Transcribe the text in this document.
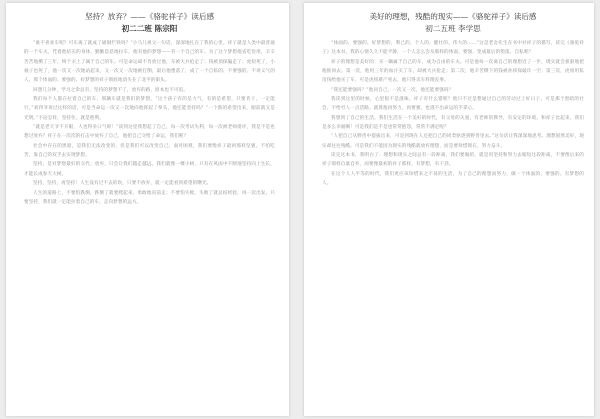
坚持？放弃？——《骆驼祥子》读后感
初二二班 陈宗阳

“谁不喜欢车呢？可车离了就成了破铜烂铁吗？”小马儿祖父一句话，深深地扎在了我的心里。祥子就是人类中最普通的一个车夫，凭着他结实的身体，勤勤恳恳地拉车，他有他的梦想——有一个自己的车。为了这个梦想他省吃俭用，辛辛苦苦地攒了三年，终于买上了属于自己的车。可是命运却不肯放过他，车被大兵抢走了；钱被侦探骗走了；虎妞死了，小福子也死了，他一次又一次地站起来，又一次又一次地被打倒，最后他堕落了，成了一个自私的、不要强的、不讲义气的人，那个体面的、要强的、好梦想的祥子彻底地消失在了北平的街头。

回想几分钟，学习之余总有，坚持的梦想不了，放弃的路，原本也不可追。

我们每个人都在拉着自己的车，那辆车就是我们的梦想。“这个孩子有的是力气，有的是希望，只要肯干，一定能行。”刘四爷说过这样的话，可是当命运一次又一次地向他挥起了拳头，他还能坚持吗？“一个新的希望出来，眼前就又是光明。”不论怎样，坚持住，就是胜利。

“就是老天爷不开眼，人也得争口气呀！”读到这里我想起了自己，每一次考试失利，每一次被老师批评，我是不是也想过放弃？祥子在一次次的打击中放弃了自己，他把自己交给了命运，我们呢？

社会中存在的黑暗，是我们无法改变的，但是我们可以改变自己。面对困难，我们要像祥子最初那样坚强，不怕吃苦，靠自己的双手去实现梦想。

坚持，是对梦想最好的交代；放弃，只会让我们越走越远。我们就像一棵小树，只有在风雨中不断地坚持向上生长，才能长成参天大树。

坚持，坚持，再坚持！人生没有过不去的坎，只要不放弃，就一定能看到希望的曙光。

人生的道路上，不要怕跌倒，跌倒了就要爬起来，勇敢地向前走；不要怕失败，失败了就总结经验，再一次出发。只要坚持，我们就一定能拉着自己的车，走向梦想的远方。

美好的理想，残酷的现实——《骆驼祥子》读后感
初二五班 李学思

“体面的、要强的、好梦想的、利己的、个人的、健壮的、伟大的……”这是老舍先生在书中对祥子的描写。读完《骆驼祥子》这本书，我的心情久久不能平静，一个人怎么会从那样的体面、要强，变成最后的堕落、自私呢？

祥子的理想是美好的：买一辆属于自己的车，成为自由的车夫。可是他每一次离自己的理想近了一步，现实就会狠狠地把他推回去。第一次，他用三年的血汗买了车，却被大兵抢走；第二次，他辛苦攒下的钱被孙侦探敲诈一空；第三次，虎妞用私房钱给他买了车，可是虎妞难产死去，他只得卖车料理丧事。

“我还能要强吗？”他问自己，一次又一次，他还能要强吗？

我读到这里的时候，心里很不是滋味。祥子有什么错呢？他只不过是想通过自己的劳动过上好日子。可是那个黑暗的社会，不给穷人一点活路。就算他再努力，再要强，也逃不出命运的手掌心。

我想到了自己的生活。我们生活在一个美好的时代，有父母的关爱，有老师的教导，有安定的环境。和祥子比起来，我们是多么幸福啊！可是我们是不是也常常抱怨，常常不满足呢？

“人把自己从野兽中提拔出来，可是到现在人还把自己的同类驱逐到野兽里去。”这句话让我深深地思考。理想固然美好，现实却往往残酷。可是我们不能因为现实的残酷就放弃理想，而是要珍惜现在，努力奋斗。

读完这本书，我明白了：理想和现实之间总有一段距离，我们要做的，就是用坚持和努力去缩短这段距离。不要像后来的祥子那样自暴自弃，而要像最初的祥子那样，有梦想，有干劲。

在这个人人平等的时代，我们更应该珍惜来之不易的生活，为了自己的理想而努力，做一个体面的、要强的、有梦想的人。
